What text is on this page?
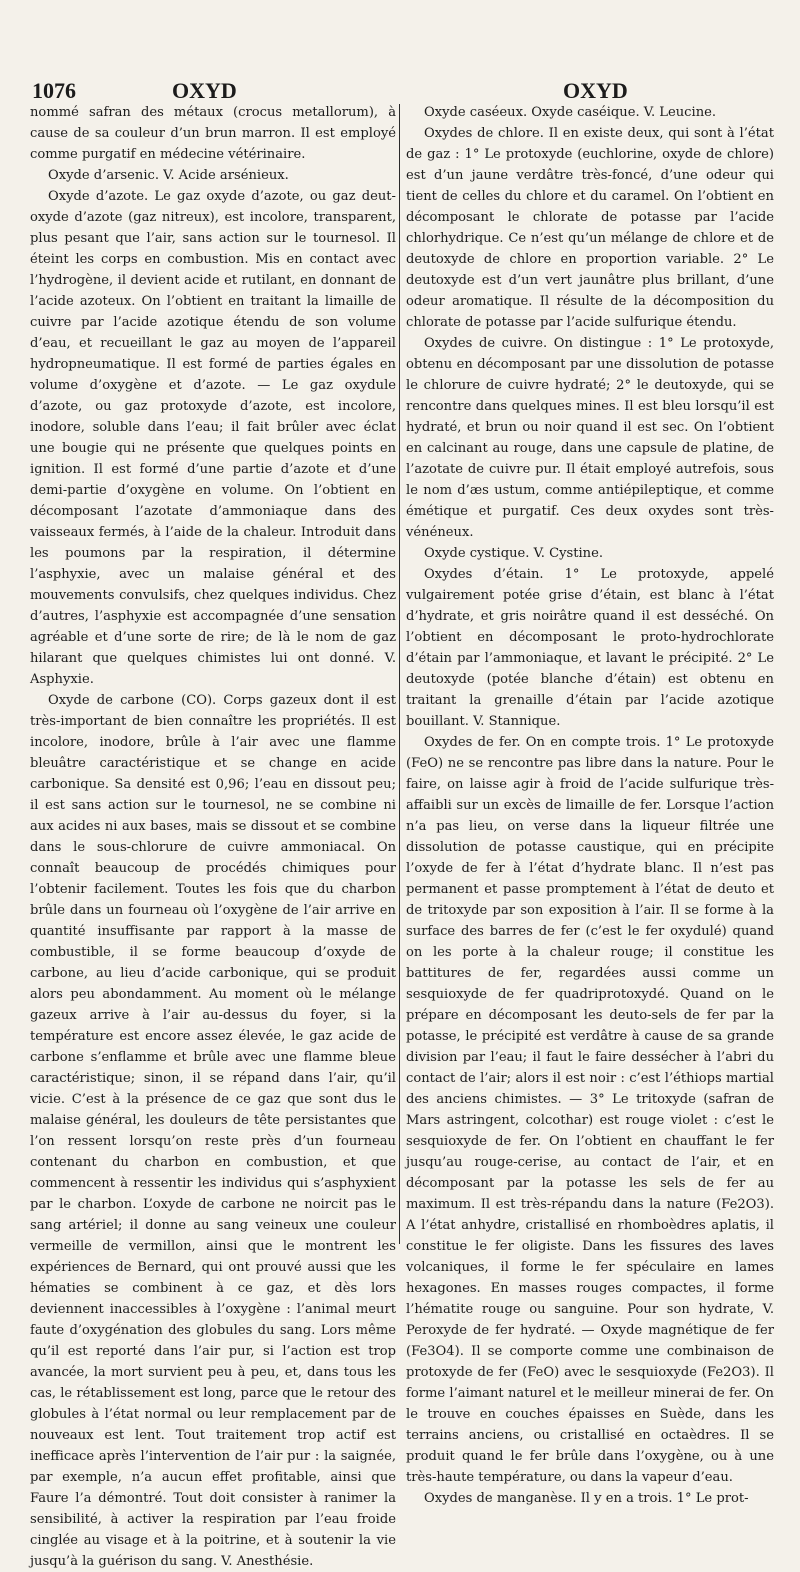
1076	OXYD	OXYD

nommé safran des métaux (crocus metallorum), à cause de sa couleur d’un brun marron. Il est employé comme purgatif en médecine vétérinaire.

Oxyde d’arsenic. V. Acide arsénieux.

Oxyde d’azote. Le gaz oxyde d’azote, ou gaz deut-oxyde d’azote (gaz nitreux), est incolore, transparent, plus pesant que l’air, sans action sur le tournesol. Il éteint les corps en combustion. Mis en contact avec l’hydrogène, il devient acide et rutilant, en donnant de l’acide azoteux. On l’obtient en traitant la limaille de cuivre par l’acide azotique étendu de son volume d’eau, et recueillant le gaz au moyen de l’appareil hydropneumatique. Il est formé de parties égales en volume d’oxygène et d’azote. — Le gaz oxydule d’azote, ou gaz protoxyde d’azote, est incolore, inodore, soluble dans l’eau; il fait brûler avec éclat une bougie qui ne présente que quelques points en ignition. Il est formé d’une partie d’azote et d’une demi-partie d’oxygène en volume. On l’obtient en décomposant l’azotate d’ammoniaque dans des vaisseaux fermés, à l’aide de la chaleur. Introduit dans les poumons par la respiration, il détermine l’asphyxie, avec un malaise général et des mouvements convulsifs, chez quelques individus. Chez d’autres, l’asphyxie est accompagnée d’une sensation agréable et d’une sorte de rire; de là le nom de gaz hilarant que quelques chimistes lui ont donné. V. Asphyxie.

Oxyde de carbone (CO). Corps gazeux dont il est très-important de bien connaître les propriétés. Il est incolore, inodore, brûle à l’air avec une flamme bleuâtre caractéristique et se change en acide carbonique. Sa densité est 0,96; l’eau en dissout peu; il est sans action sur le tournesol, ne se combine ni aux acides ni aux bases, mais se dissout et se combine dans le sous-chlorure de cuivre ammoniacal. On connaît beaucoup de procédés chimiques pour l’obtenir facilement. Toutes les fois que du charbon brûle dans un fourneau où l’oxygène de l’air arrive en quantité insuffisante par rapport à la masse de combustible, il se forme beaucoup d’oxyde de carbone, au lieu d’acide carbonique, qui se produit alors peu abondamment. Au moment où le mélange gazeux arrive à l’air au-dessus du foyer, si la température est encore assez élevée, le gaz acide de carbone s’enflamme et brûle avec une flamme bleue caractéristique; sinon, il se répand dans l’air, qu’il vicie. C’est à la présence de ce gaz que sont dus le malaise général, les douleurs de tête persistantes que l’on ressent lorsqu’on reste près d’un fourneau contenant du charbon en combustion, et que commencent à ressentir les individus qui s’asphyxient par le charbon. L’oxyde de carbone ne noircit pas le sang artériel; il donne au sang veineux une couleur vermeille de vermillon, ainsi que le montrent les expériences de Bernard, qui ont prouvé aussi que les hématies se combinent à ce gaz, et dès lors deviennent inaccessibles à l’oxygène : l’animal meurt faute d’oxygénation des globules du sang. Lors même qu’il est reporté dans l’air pur, si l’action est trop avancée, la mort survient peu à peu, et, dans tous les cas, le rétablissement est long, parce que le retour des globules à l’état normal ou leur remplacement par de nouveaux est lent. Tout traitement trop actif est inefficace après l’intervention de l’air pur : la saignée, par exemple, n’a aucun effet profitable, ainsi que Faure l’a démontré. Tout doit consister à ranimer la sensibilité, à activer la respiration par l’eau froide cinglée au visage et à la poitrine, et à soutenir la vie jusqu’à la guérison du sang. V. Anesthésie.

Oxyde caséeux. Oxyde caséique. V. Leucine.

Oxydes de chlore. Il en existe deux, qui sont à l’état de gaz : 1° Le protoxyde (euchlorine, oxyde de chlore) est d’un jaune verdâtre très-foncé, d’une odeur qui tient de celles du chlore et du caramel. On l’obtient en décomposant le chlorate de potasse par l’acide chlorhydrique. Ce n’est qu’un mélange de chlore et de deutoxyde de chlore en proportion variable. 2° Le deutoxyde est d’un vert jaunâtre plus brillant, d’une odeur aromatique. Il résulte de la décomposition du chlorate de potasse par l’acide sulfurique étendu.

Oxydes de cuivre. On distingue : 1° Le protoxyde, obtenu en décomposant par une dissolution de potasse le chlorure de cuivre hydraté; 2° le deutoxyde, qui se rencontre dans quelques mines. Il est bleu lorsqu’il est hydraté, et brun ou noir quand il est sec. On l’obtient en calcinant au rouge, dans une capsule de platine, de l’azotate de cuivre pur. Il était employé autrefois, sous le nom d’æs ustum, comme antiépileptique, et comme émétique et purgatif. Ces deux oxydes sont très-vénéneux.

Oxyde cystique. V. Cystine.

Oxydes d’étain. 1° Le protoxyde, appelé vulgairement potée grise d’étain, est blanc à l’état d’hydrate, et gris noirâtre quand il est desséché. On l’obtient en décomposant le proto-hydrochlorate d’étain par l’ammoniaque, et lavant le précipité. 2° Le deutoxyde (potée blanche d’étain) est obtenu en traitant la grenaille d’étain par l’acide azotique bouillant. V. Stannique.

Oxydes de fer. On en compte trois. 1° Le protoxyde (FeO) ne se rencontre pas libre dans la nature. Pour le faire, on laisse agir à froid de l’acide sulfurique très-affaibli sur un excès de limaille de fer. Lorsque l’action n’a pas lieu, on verse dans la liqueur filtrée une dissolution de potasse caustique, qui en précipite l’oxyde de fer à l’état d’hydrate blanc. Il n’est pas permanent et passe promptement à l’état de deuto et de tritoxyde par son exposition à l’air. Il se forme à la surface des barres de fer (c’est le fer oxydulé) quand on les porte à la chaleur rouge; il constitue les battitures de fer, regardées aussi comme un sesquioxyde de fer quadriprotoxydé. Quand on le prépare en décomposant les deuto-sels de fer par la potasse, le précipité est verdâtre à cause de sa grande division par l’eau; il faut le faire dessécher à l’abri du contact de l’air; alors il est noir : c’est l’éthiops martial des anciens chimistes. — 3° Le tritoxyde (safran de Mars astringent, colcothar) est rouge violet : c’est le sesquioxyde de fer. On l’obtient en chauffant le fer jusqu’au rouge-cerise, au contact de l’air, et en décomposant par la potasse les sels de fer au maximum. Il est très-répandu dans la nature (Fe2O3). A l’état anhydre, cristallisé en rhomboèdres aplatis, il constitue le fer oligiste. Dans les fissures des laves volcaniques, il forme le fer spéculaire en lames hexagones. En masses rouges compactes, il forme l’hématite rouge ou sanguine. Pour son hydrate, V. Peroxyde de fer hydraté. — Oxyde magnétique de fer (Fe3O4). Il se comporte comme une combinaison de protoxyde de fer (FeO) avec le sesquioxyde (Fe2O3). Il forme l’aimant naturel et le meilleur minerai de fer. On le trouve en couches épaisses en Suède, dans les terrains anciens, ou cristallisé en octaèdres. Il se produit quand le fer brûle dans l’oxygène, ou à une très-haute température, ou dans la vapeur d’eau.

Oxydes de manganèse. Il y en a trois. 1° Le prot-
